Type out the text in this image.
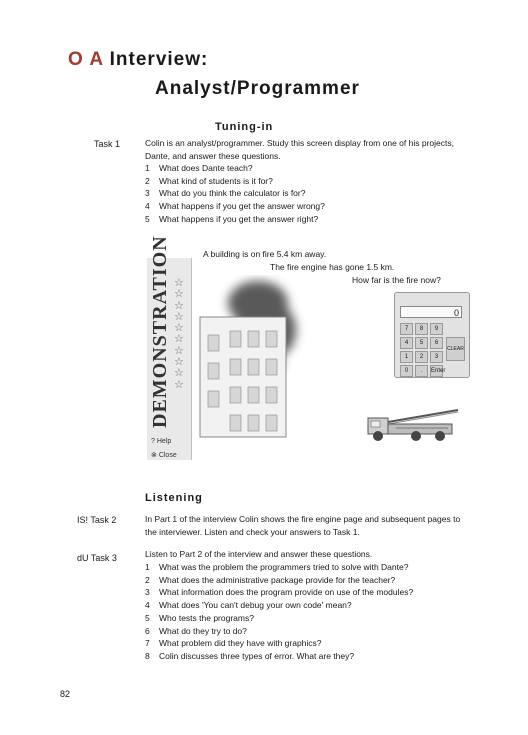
O A Interview:
Analyst/Programmer
Tuning-in
Task 1	Colin is an analyst/programmer. Study this screen display from one of his projects, Dante, and answer these questions.
1	What does Dante teach?
2	What kind of students is it for?
3	What do you think the calculator is for?
4	What happens if you get the answer wrong?
5	What happens if you get the answer right?
DEMONSTRATION ☆
☆
☆
☆
☆
☆
☆
☆
☆
☆
? Help
⊗ Close
A building is on fire 5.4 km away.
The fire engine has gone 1.5 km.
How far is the fire now?
0
7	8	9
4	5	6
1	2	3
0	.	Enter
CLEAR
Listening
IS! Task 2	In Part 1 of the interview Colin shows the fire engine page and subsequent pages to the interviewer. Listen and check your answers to Task 1.
dU Task 3	Listen to Part 2 of the interview and answer these questions.
1	What was the problem the programmers tried to solve with Dante?
2	What does the administrative package provide for the teacher?
3	What information does the program provide on use of the modules?
4	What does 'You can't debug your own code' mean?
5	Who tests the programs?
6	What do they try to do?
7	What problem did they have with graphics?
8	Colin discusses three types of error. What are they?
82
